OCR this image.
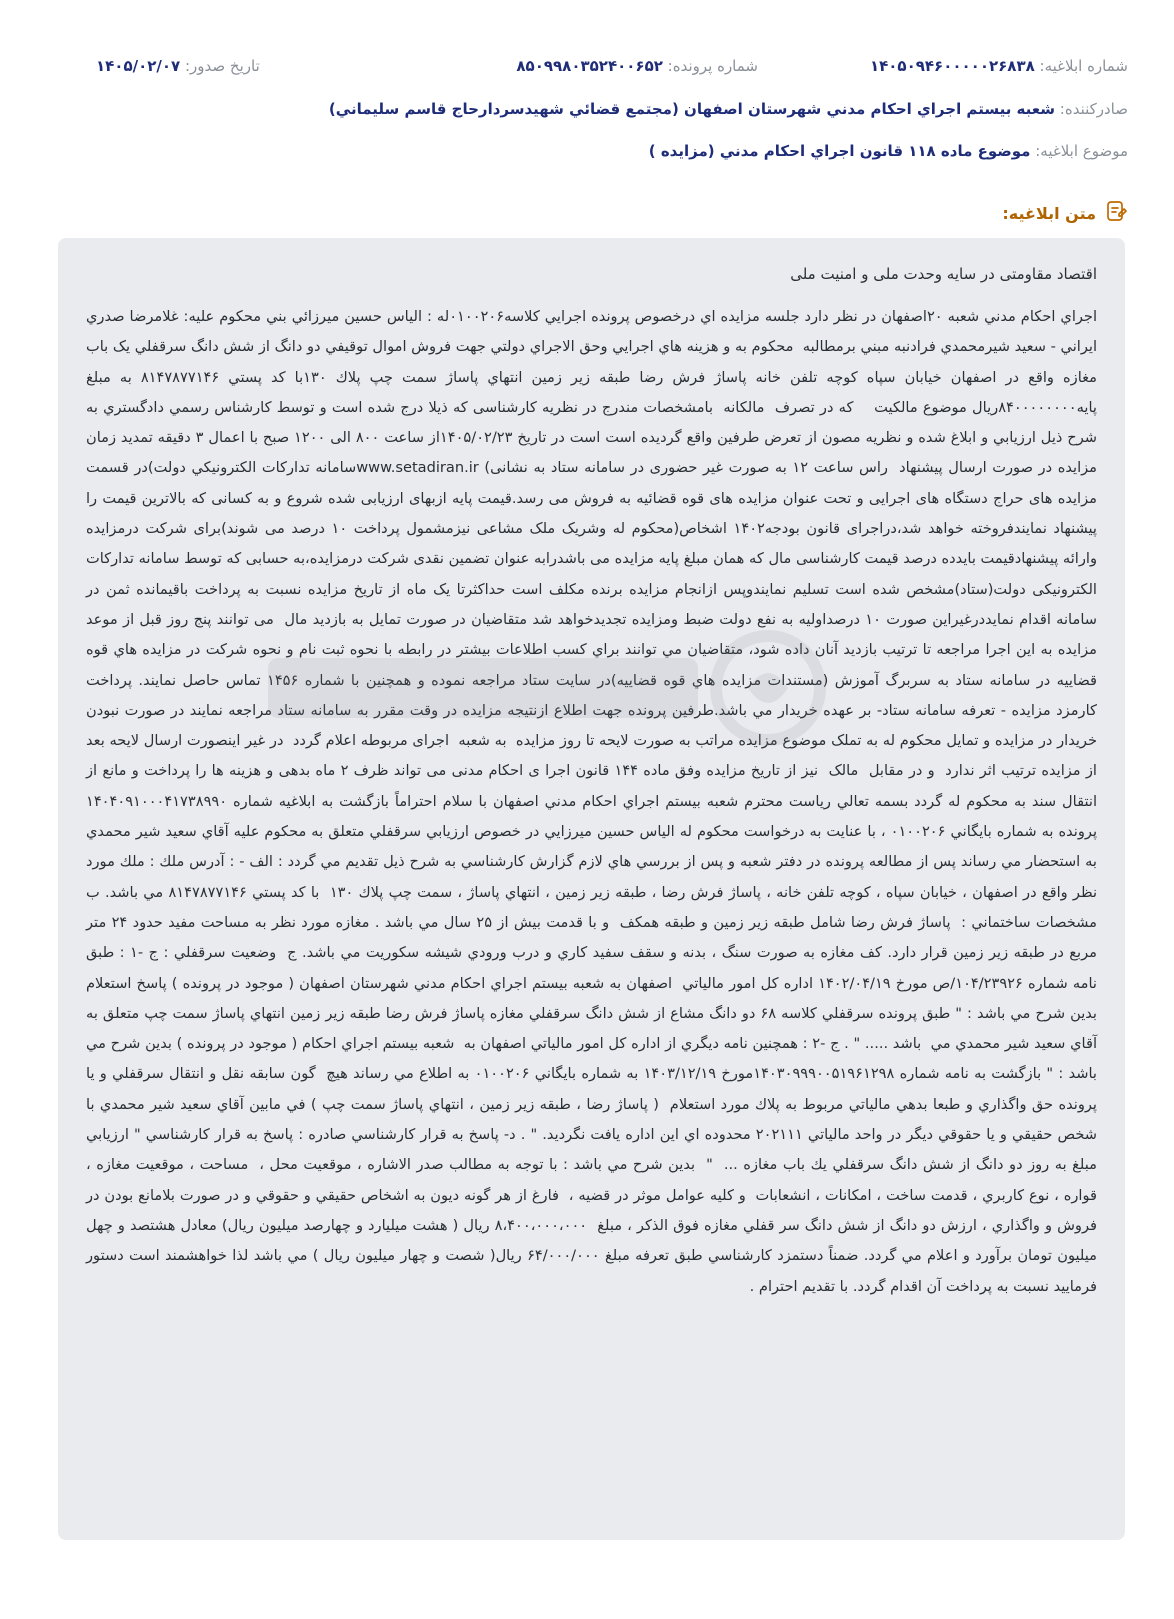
شماره ابلاغیه: ۱۴۰۵۰۹۴۶۰۰۰۰۰۲۶۸۳۸
شماره پرونده: ۸۵۰۹۹۸۰۳۵۲۴۰۰۶۵۲
تاریخ صدور: ۱۴۰۵/۰۲/۰۷
صادرکننده: شعبه بيستم اجراي احكام مدني شهرستان اصفهان (مجتمع قضائي شهيدسردارحاج قاسم سليماني)
موضوع ابلاغیه: موضوع ماده ۱۱۸ قانون اجراي احكام مدني (مزايده )
متن ابلاغیه:

اقتصاد مقاومتی در سایه وحدت ملی و امنیت ملی

اجراي احكام مدني شعبه ۲۰اصفهان در نظر دارد جلسه مزايده اي درخصوص پرونده اجرايي كلاسه۰۱۰۰۲۰۶له : الياس حسين ميرزائي بني محکوم علیه: غلامرضا صدري ايراني - سعيد شيرمحمدي فرادنبه مبني برمطالبه  محكوم به و هزينه هاي اجرايي وحق الاجراي دولتي جهت فروش اموال توقيفي دو دانگ از شش دانگ سرقفلي یک باب مغازه واقع در اصفهان خيابان سپاه كوچه تلفن خانه پاساژ فرش رضا طبقه زیر زمین انتهاي پاساژ سمت چپ پلاك ۱۳۰با كد پستي ۸۱۴۷۸۷۷۱۴۶ به مبلغ پايه۸۴۰۰۰۰۰۰۰۰ريال موضوع مالكيت    كه در تصرف  مالكانه  بامشخصات مندرج در نظريه كارشناسی که ذیلا درج شده است و توسط كارشناس رسمي دادگستري به شرح ذيل ارزيابي و ابلاغ شده و نظريه مصون از تعرض طرفين واقع گرديده است است در تاريخ ۱۴۰۵/۰۲/۲۳از ساعت ۸۰۰ الی ۱۲۰۰ صبح با اعمال ۳ دقیقه تمدید زمان مزایده در صورت ارسال پیشنهاد  راس ساعت ۱۲ به صورت غیر حضوری در سامانه ستاد به نشانی) www.setadiran.irسامانه تداركات الكترونيكي دولت)در قسمت مزايده های حراج دستگاه های اجرایی و تحت عنوان مزايده های قوه قضائيه به فروش می رسد.قیمت پایه ازبهای ارزیابی شده شروع و به کسانی که بالاترین قیمت را پیشنهاد نمایندفروخته خواهد شد،دراجرای قانون بودجه۱۴۰۲ اشخاص(محکوم له وشریک ملک مشاعی نیزمشمول پرداخت ۱۰ درصد می شوند)برای شرکت درمزایده وارائه پیشنهادقیمت بایدده درصد قیمت کارشناسی مال که همان مبلغ پایه مزایده می باشدرابه عنوان تضمین نقدی شرکت درمزایده،به حسابی که توسط سامانه تدارکات الکترونیکی دولت(ستاد)مشخص شده است تسلیم نمایندوپس ازانجام مزایده برنده مکلف است حداکثرتا یک ماه از تاریخ مزایده نسبت به پرداخت باقیمانده ثمن در سامانه اقدام نمایددرغیراین صورت ۱۰ درصداولیه به نفع دولت ضبط ومزایده تجدیدخواهد شد متقاضیان در صورت تمایل به بازدید مال  می توانند پنج روز قبل از موعد مزايده به اين اجرا مراجعه تا ترتيب بازديد آنان داده شود، متقاضيان مي توانند براي كسب اطلاعات بيشتر در رابطه با نحوه ثبت نام و نحوه شركت در مزايده هاي قوه قضاييه در سامانه ستاد به سربرگ آموزش (مستندات مزايده هاي قوه قضاييه)در سايت ستاد مراجعه نموده و همچنين با شماره ۱۴۵۶ تماس حاصل نمايند. پرداخت كارمزد مزايده - تعرفه سامانه ستاد- بر عهده خريدار مي باشد.طرفین پرونده جهت اطلاع ازنتیجه مزایده در وقت مقرر به سامانه ستاد مراجعه نمایند در صورت نبودن خریدار در مزایده و تمایل محکوم له به تملک موضوع مزایده مراتب به صورت لایحه تا روز مزایده  به شعبه  اجرای مربوطه اعلام گردد  در غیر اینصورت ارسال لایحه بعد از مزایده ترتیب اثر ندارد  و در مقابل  مالک  نیز از تاریخ مزایده وفق ماده ۱۴۴ قانون اجرا ی احکام مدنی می تواند ظرف ۲ ماه بدهی و هزینه ها را پرداخت و مانع از انتقال سند به محکوم له گردد بسمه تعالي رياست محترم شعبه بيستم اجراي احكام مدني اصفهان با سلام احتراماً بازگشت به ابلاغيه شماره ۱۴۰۴۰۹۱۰۰۰۴۱۷۳۸۹۹۰ پرونده به شماره بايگاني ۰۱۰۰۲۰۶ ، با عنايت به درخواست محكوم له الياس حسين ميرزايي در خصوص ارزيابي سرقفلي متعلق به محكوم عليه آقاي سعيد شير محمدي به استحضار مي رساند پس از مطالعه پرونده در دفتر شعبه و پس از بررسي هاي لازم گزارش كارشناسي به شرح ذيل تقديم مي گردد : الف - : آدرس ملك : ملك مورد نظر واقع در اصفهان ، خيابان سپاه ، كوچه تلفن خانه ، پاساژ فرش رضا ، طبقه زير زمين ، انتهاي پاساژ ، سمت چپ پلاك ۱۳۰  با كد پستي ۸۱۴۷۸۷۷۱۴۶ مي باشد. ب  مشخصات ساختماني :  پاساژ فرش رضا شامل طبقه زير زمين و طبقه همكف  و با قدمت بيش از ۲۵ سال مي باشد . مغازه مورد نظر به مساحت مفيد حدود ۲۴ متر مربع در طبقه زير زمين قرار دارد. كف مغازه به صورت سنگ ، بدنه و سقف سفيد كاري و درب ورودي شيشه سكوريت مي باشد. ج  وضعيت سرقفلي : ج -۱ : طبق نامه شماره ۱۰۴/۲۳۹۲۶/ص مورخ ۱۴۰۲/۰۴/۱۹ اداره كل امور مالياتي  اصفهان به شعبه بيستم اجراي احكام مدني شهرستان اصفهان ( موجود در پرونده ) پاسخ استعلام بدين شرح مي باشد : " طبق پرونده سرقفلي كلاسه ۶۸ دو دانگ مشاع از شش دانگ سرقفلي مغازه پاساژ فرش رضا طبقه زير زمين انتهاي پاساژ سمت چپ متعلق به آقاي سعيد شير محمدي مي  باشد ..... " . ج -۲ : همچنين نامه ديگري از اداره كل امور مالياتي اصفهان به  شعبه بيستم اجراي احكام ( موجود در پرونده ) بدين شرح مي باشد : " بازگشت به نامه شماره ۱۴۰۳۰۹۹۹۰۰۵۱۹۶۱۲۹۸مورخ ۱۴۰۳/۱۲/۱۹ به شماره بايگاني ۰۱۰۰۲۰۶ به اطلاع مي رساند هيچ  گون سابقه نقل و انتقال سرقفلي و يا پرونده حق واگذاري و طبعا بدهي مالياتي مربوط به پلاك مورد استعلام  ( پاساژ رضا ، طبقه زير زمين ، انتهاي پاساژ سمت چپ ) في مابين آقاي سعيد شير محمدي با شخص حقيقي و يا حقوقي ديگر در واحد مالياتي ۲۰۲۱۱۱ محدوده اي اين اداره يافت نگرديد. " . د- پاسخ به قرار كارشناسي صادره : پاسخ به قرار كارشناسي " ارزيابي مبلغ به روز دو دانگ از شش دانگ سرقفلي يك باب مغازه ...  "  بدين شرح مي باشد : با توجه به مطالب صدر الاشاره ، موقعيت محل ،  مساحت ، موقعيت مغازه ، قواره ، نوع كاربري ، قدمت ساخت ، امكانات ، انشعابات  و كليه عوامل موثر در قضيه ،  فارغ از هر گونه ديون به اشخاص حقيقي و حقوقي و در صورت بلامانع بودن در فروش و واگذاري ، ارزش دو دانگ از شش دانگ سر قفلي مغازه فوق الذكر ، مبلغ  ۸،۴۰۰،۰۰۰،۰۰۰ ريال ( هشت ميليارد و چهارصد ميليون ريال) معادل هشتصد و چهل ميليون تومان برآورد و اعلام مي گردد. ضمناً دستمزد كارشناسي طبق تعرفه مبلغ ۶۴/۰۰۰/۰۰۰ ريال( شصت و چهار ميليون ريال ) مي باشد لذا خواهشمند است دستور فرماييد نسبت به پرداخت آن اقدام گردد. با تقديم احترام .
